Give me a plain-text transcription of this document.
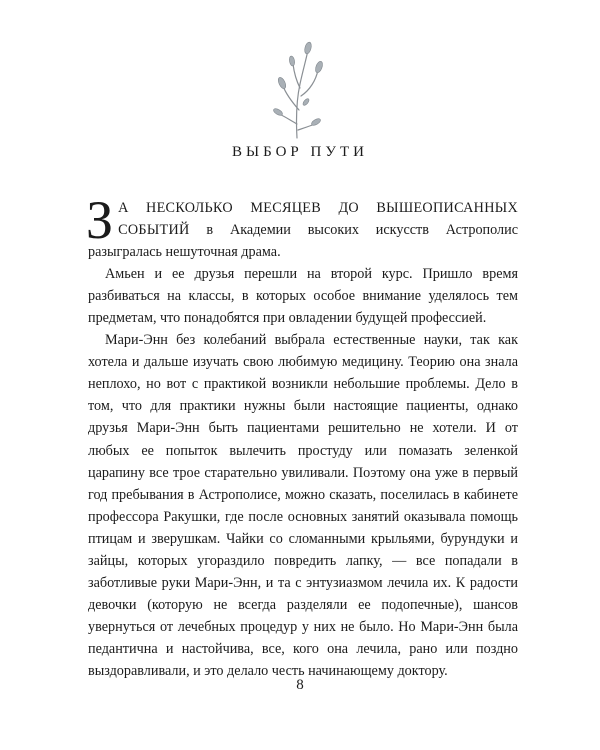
ВЫБОР ПУТИ

З А НЕСКОЛЬКО МЕСЯЦЕВ ДО ВЫШЕОПИСАННЫХ СОБЫТИЙ в Академии высоких искусств Астрополис разыгралась нешуточная драма.

Амьен и ее друзья перешли на второй курс. Пришло время разбиваться на классы, в которых особое внимание уделялось тем предметам, что понадобятся при овладении будущей профессией.

Мари-Энн без колебаний выбрала естественные науки, так как хотела и дальше изучать свою любимую медицину. Теорию она знала неплохо, но вот с практикой возникли небольшие проблемы. Дело в том, что для практики нужны были настоящие пациенты, однако друзья Мари-Энн быть пациентами решительно не хотели. И от любых ее попыток вылечить простуду или помазать зеленкой царапину все трое старательно увиливали. Поэтому она уже в первый год пребывания в Астрополисе, можно сказать, поселилась в кабинете профессора Ракушки, где после основных занятий оказывала помощь птицам и зверушкам. Чайки со сломанными крыльями, бурундуки и зайцы, которых угораздило повредить лапку, — все попадали в заботливые руки Мари-Энн, и та с энтузиазмом лечила их. К радости девочки (которую не всегда разделяли ее подопечные), шансов увернуться от лечебных процедур у них не было. Но Мари-Энн была педантична и настойчива, все, кого она лечила, рано или поздно выздоравливали, и это делало честь начинающему доктору.

8
